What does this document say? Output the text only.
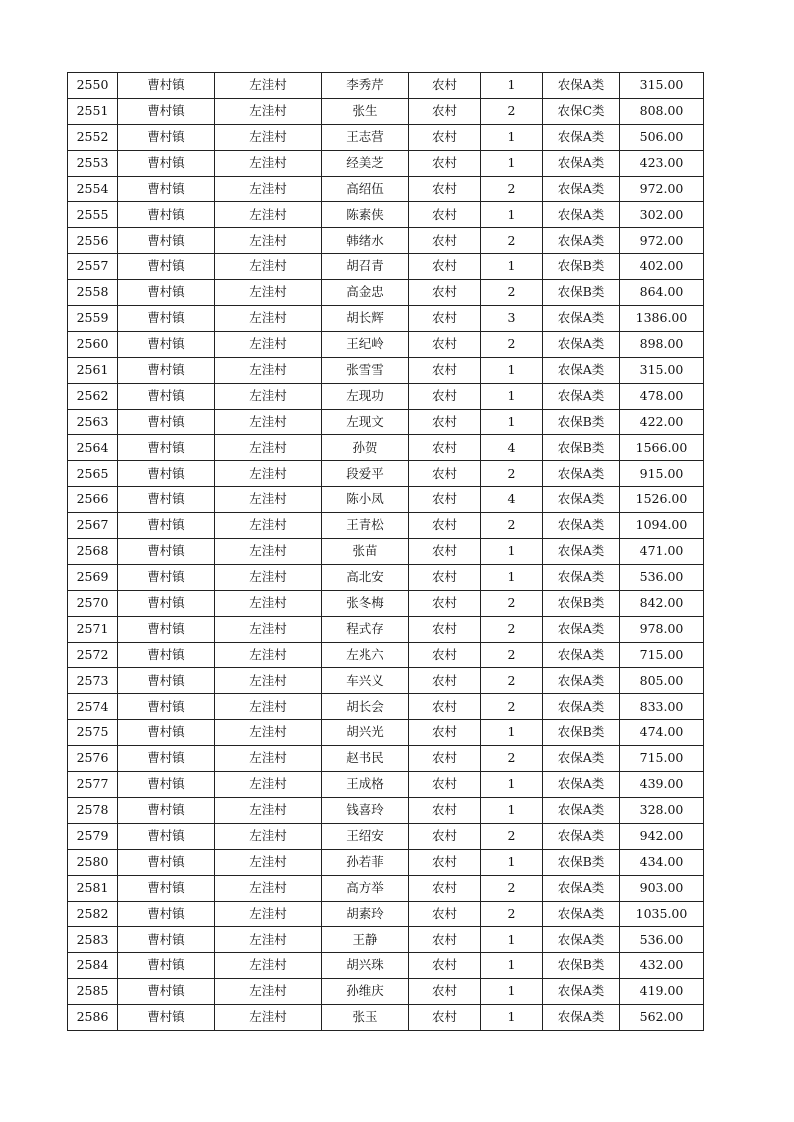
2550	曹村镇	左洼村	李秀芹	农村	1	农保A类	315.00
2551	曹村镇	左洼村	张生	农村	2	农保C类	808.00
2552	曹村镇	左洼村	王志营	农村	1	农保A类	506.00
2553	曹村镇	左洼村	经美芝	农村	1	农保A类	423.00
2554	曹村镇	左洼村	高绍伍	农村	2	农保A类	972.00
2555	曹村镇	左洼村	陈素侠	农村	1	农保A类	302.00
2556	曹村镇	左洼村	韩绪水	农村	2	农保A类	972.00
2557	曹村镇	左洼村	胡召青	农村	1	农保B类	402.00
2558	曹村镇	左洼村	高金忠	农村	2	农保B类	864.00
2559	曹村镇	左洼村	胡长辉	农村	3	农保A类	1386.00
2560	曹村镇	左洼村	王纪岭	农村	2	农保A类	898.00
2561	曹村镇	左洼村	张雪雪	农村	1	农保A类	315.00
2562	曹村镇	左洼村	左现功	农村	1	农保A类	478.00
2563	曹村镇	左洼村	左现文	农村	1	农保B类	422.00
2564	曹村镇	左洼村	孙贺	农村	4	农保B类	1566.00
2565	曹村镇	左洼村	段爱平	农村	2	农保A类	915.00
2566	曹村镇	左洼村	陈小凤	农村	4	农保A类	1526.00
2567	曹村镇	左洼村	王青松	农村	2	农保A类	1094.00
2568	曹村镇	左洼村	张苗	农村	1	农保A类	471.00
2569	曹村镇	左洼村	高北安	农村	1	农保A类	536.00
2570	曹村镇	左洼村	张冬梅	农村	2	农保B类	842.00
2571	曹村镇	左洼村	程式存	农村	2	农保A类	978.00
2572	曹村镇	左洼村	左兆六	农村	2	农保A类	715.00
2573	曹村镇	左洼村	车兴义	农村	2	农保A类	805.00
2574	曹村镇	左洼村	胡长会	农村	2	农保A类	833.00
2575	曹村镇	左洼村	胡兴光	农村	1	农保B类	474.00
2576	曹村镇	左洼村	赵书民	农村	2	农保A类	715.00
2577	曹村镇	左洼村	王成格	农村	1	农保A类	439.00
2578	曹村镇	左洼村	钱喜玲	农村	1	农保A类	328.00
2579	曹村镇	左洼村	王绍安	农村	2	农保A类	942.00
2580	曹村镇	左洼村	孙若菲	农村	1	农保B类	434.00
2581	曹村镇	左洼村	高方举	农村	2	农保A类	903.00
2582	曹村镇	左洼村	胡素玲	农村	2	农保A类	1035.00
2583	曹村镇	左洼村	王静	农村	1	农保A类	536.00
2584	曹村镇	左洼村	胡兴珠	农村	1	农保B类	432.00
2585	曹村镇	左洼村	孙维庆	农村	1	农保A类	419.00
2586	曹村镇	左洼村	张玉	农村	1	农保A类	562.00
